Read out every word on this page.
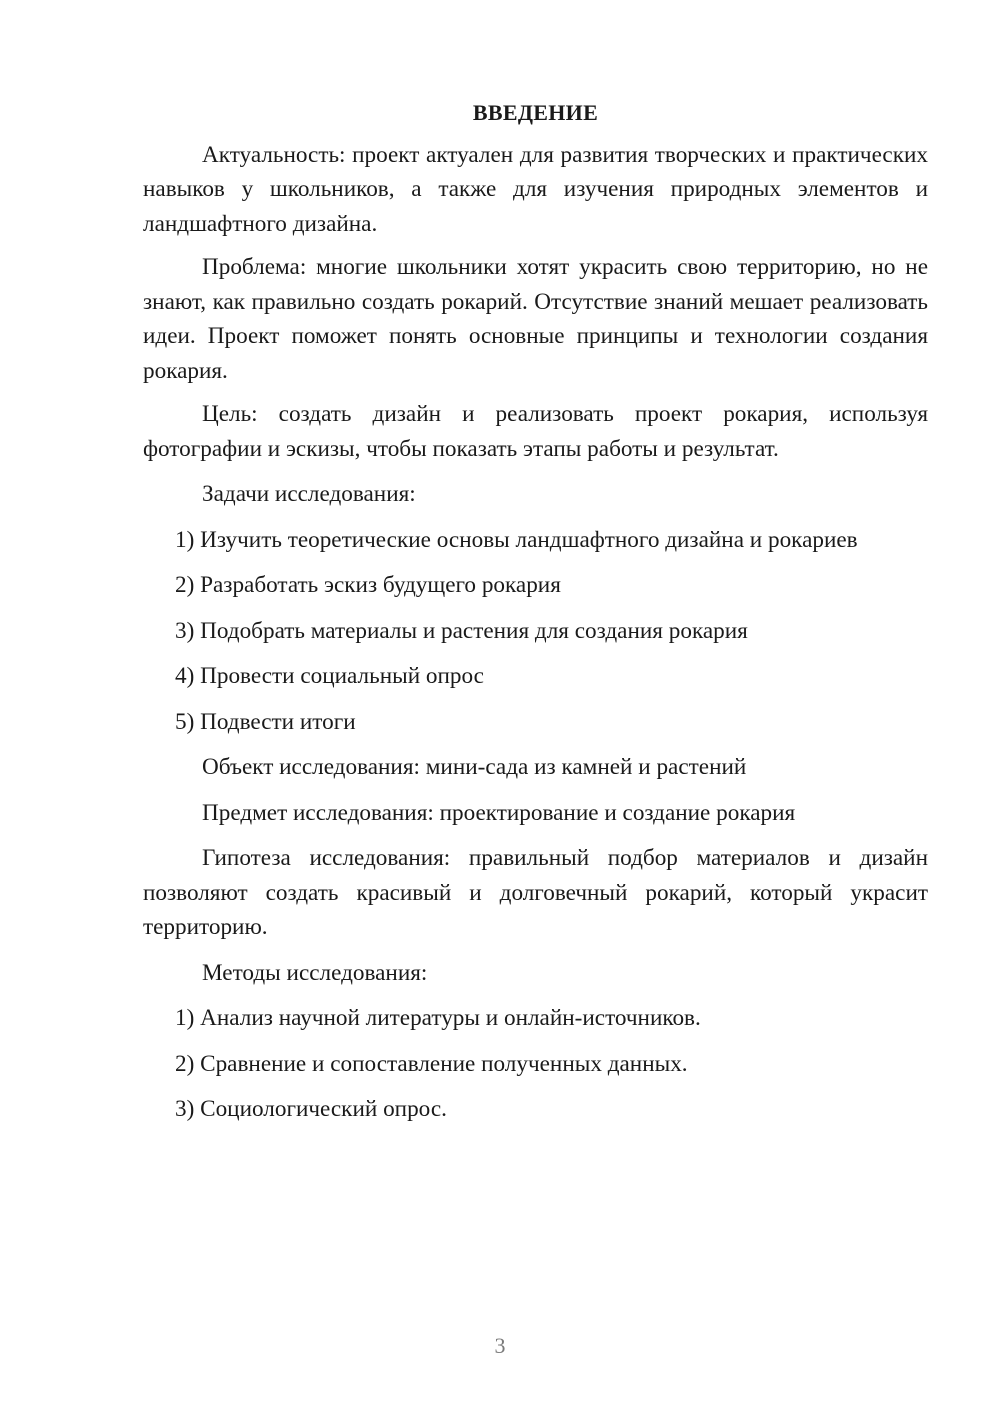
ВВЕДЕНИЕ

Актуальность: проект актуален для развития творческих и практических навыков у школьников, а также для изучения природных элементов и ландшафтного дизайна.

Проблема: многие школьники хотят украсить свою территорию, но не знают, как правильно создать рокарий. Отсутствие знаний мешает реализовать идеи. Проект поможет понять основные принципы и технологии создания рокария.

Цель: создать дизайн и реализовать проект рокария, используя фотографии и эскизы, чтобы показать этапы работы и результат.

Задачи исследования:
1) Изучить теоретические основы ландшафтного дизайна и рокариев
2) Разработать эскиз будущего рокария
3) Подобрать материалы и растения для создания рокария
4) Провести социальный опрос
5) Подвести итоги
Объект исследования: мини-сада из камней и растений
Предмет исследования: проектирование и создание рокария

Гипотеза исследования: правильный подбор материалов и дизайн позволяют создать красивый и долговечный рокарий, который украсит территорию.

Методы исследования:
1) Анализ научной литературы и онлайн-источников.
2) Сравнение и сопоставление полученных данных.
3) Социологический опрос.
3
